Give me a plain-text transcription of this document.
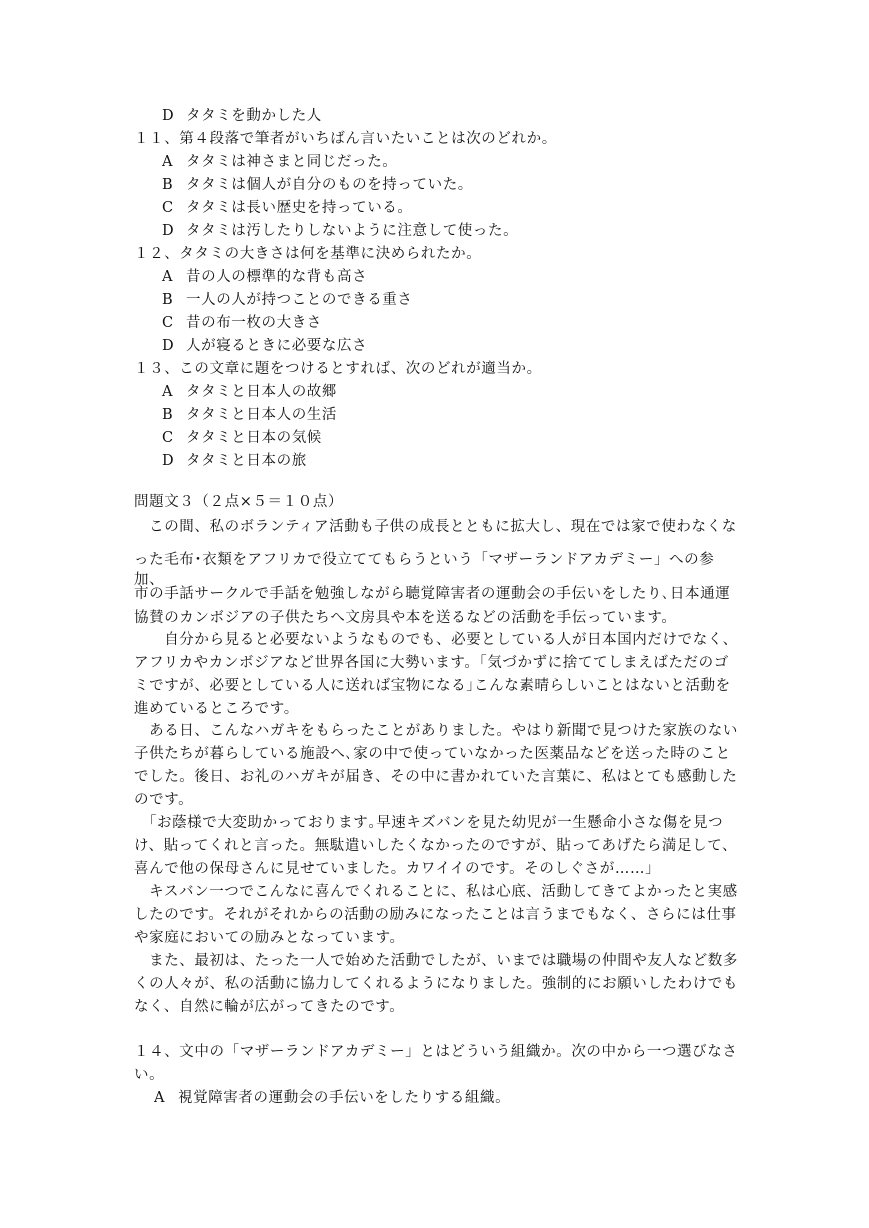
D タタミを動かした人
１１、第４段落で筆者がいちばん言いたいことは次のどれか。
A タタミは神さまと同じだった。
B タタミは個人が自分のものを持っていた。
C タタミは長い歴史を持っている。
D タタミは汚したりしないように注意して使った。
１２、タタミの大きさは何を基準に決められたか。
A 昔の人の標準的な背も高さ
B 一人の人が持つことのできる重さ
C 昔の布一枚の大きさ
D 人が寝るときに必要な広さ
１３、この文章に題をつけるとすれば、次のどれが適当か。
A タタミと日本人の故郷
B タタミと日本人の生活
C タタミと日本の気候
D タタミと日本の旅
問題文３（２点×５＝１０点）
　この間、私のボランティア活動も子供の成長とともに拡大し、現在では家で使わなくな
った毛布･衣類をアフリカで役立ててもらうという「マザーランドアカデミー」への参加、
市の手話サークルで手話を勉強しながら聴覚障害者の運動会の手伝いをしたり､日本通運
協賛のカンボジアの子供たちへ文房具や本を送るなどの活動を手伝っています。
　　自分から見ると必要ないようなものでも、必要としている人が日本国内だけでなく、
アフリカやカンボジアなど世界各国に大勢います。｢気づかずに捨ててしまえばただのゴ
ミですが、必要としている人に送れば宝物になる｣こんな素晴らしいことはないと活動を
進めているところです。
　ある日、こんなハガキをもらったことがありました。やはり新聞で見つけた家族のない
子供たちが暮らしている施設へ､家の中で使っていなかった医薬品などを送った時のこと
でした。後日、お礼のハガキが届き、その中に書かれていた言葉に、私はとても感動した
のです。
　「お蔭様で大変助かっております｡早速キズバンを見た幼児が一生懸命小さな傷を見つ
け、貼ってくれと言った。無駄遣いしたくなかったのですが、貼ってあげたら満足して、
喜んで他の保母さんに見せていました。カワイイのです。そのしぐさが……」
　キスバン一つでこんなに喜んでくれることに、私は心底、活動してきてよかったと実感
したのです。それがそれからの活動の励みになったことは言うまでもなく、さらには仕事
や家庭においての励みとなっています。
　また、最初は、たった一人で始めた活動でしたが、いまでは職場の仲間や友人など数多
くの人々が、私の活動に協力してくれるようになりました。強制的にお願いしたわけでも
なく、自然に輪が広がってきたのです。
１４、文中の「マザーランドアカデミー」とはどういう組織か。次の中から一つ選びなさ
い。
A 視覚障害者の運動会の手伝いをしたりする組織。
